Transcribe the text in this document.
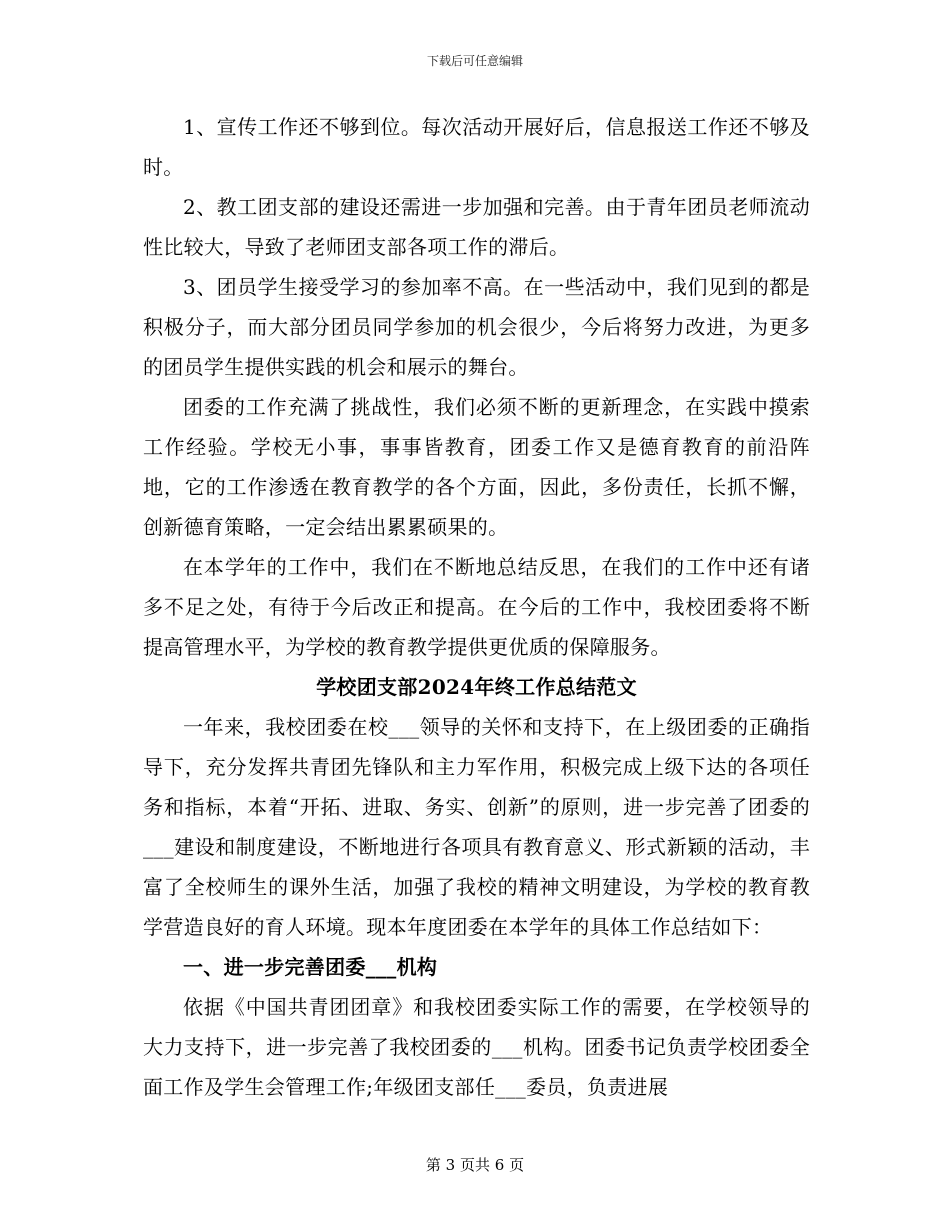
下载后可任意编辑

1、宣传工作还不够到位。每次活动开展好后，信息报送工作还不够及时。

2、教工团支部的建设还需进一步加强和完善。由于青年团员老师流动性比较大，导致了老师团支部各项工作的滞后。

3、团员学生接受学习的参加率不高。在一些活动中，我们见到的都是积极分子，而大部分团员同学参加的机会很少，今后将努力改进，为更多的团员学生提供实践的机会和展示的舞台。

团委的工作充满了挑战性，我们必须不断的更新理念，在实践中摸索工作经验。学校无小事，事事皆教育，团委工作又是德育教育的前沿阵地，它的工作渗透在教育教学的各个方面，因此，多份责任，长抓不懈，创新德育策略，一定会结出累累硕果的。

在本学年的工作中，我们在不断地总结反思，在我们的工作中还有诸多不足之处，有待于今后改正和提高。在今后的工作中，我校团委将不断提高管理水平，为学校的教育教学提供更优质的保障服务。

学校团支部2024年终工作总结范文

一年来，我校团委在校___领导的关怀和支持下，在上级团委的正确指导下，充分发挥共青团先锋队和主力军作用，积极完成上级下达的各项任务和指标，本着“开拓、进取、务实、创新”的原则，进一步完善了团委的___建设和制度建设，不断地进行各项具有教育意义、形式新颖的活动，丰富了全校师生的课外生活，加强了我校的精神文明建设，为学校的教育教学营造良好的育人环境。现本年度团委在本学年的具体工作总结如下：

一、进一步完善团委___机构

依据《中国共青团团章》和我校团委实际工作的需要，在学校领导的大力支持下，进一步完善了我校团委的___机构。团委书记负责学校团委全面工作及学生会管理工作;年级团支部任___委员，负责进展

第 3 页共 6 页
